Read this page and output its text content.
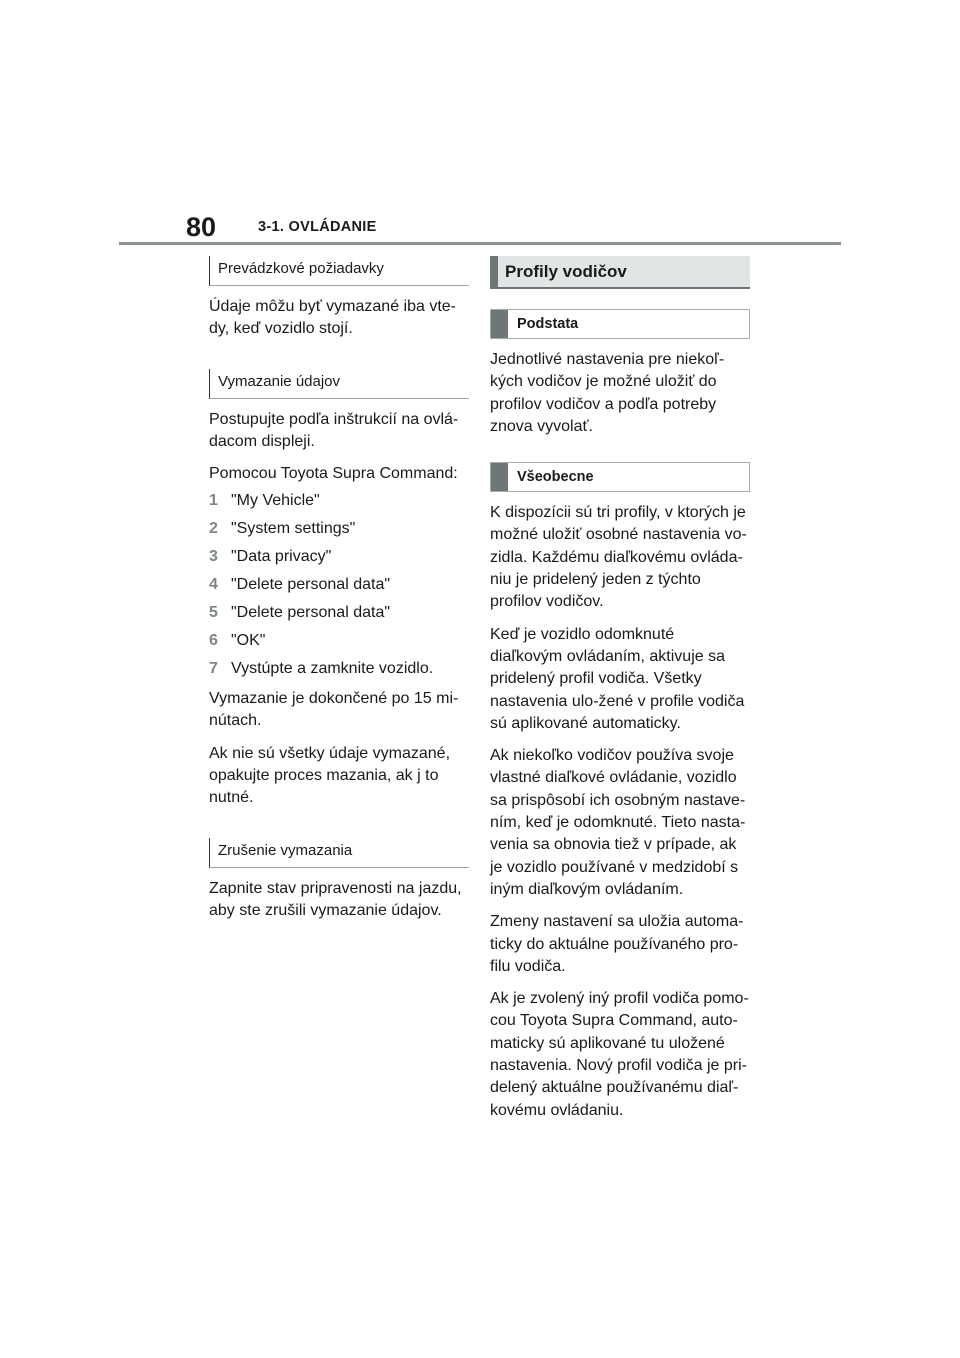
80	3-1. OVLÁDANIE
Prevádzkové požiadavky

Údaje môžu byť vymazané iba vte-dy, keď vozidlo stojí.

Vymazanie údajov

Postupujte podľa inštrukcií na ovlá-dacom displeji.

Pomocou Toyota Supra Command:

1 "My Vehicle"
2 "System settings"
3 "Data privacy"
4 "Delete personal data"
5 "Delete personal data"
6 "OK"
7 Vystúpte a zamknite vozidlo.

Vymazanie je dokončené po 15 mi-nútach.

Ak nie sú všetky údaje vymazané, opakujte proces mazania, ak j to nutné.

Zrušenie vymazania

Zapnite stav pripravenosti na jazdu, aby ste zrušili vymazanie údajov.

Profily vodičov
Podstata

Jednotlivé nastavenia pre niekoľ-kých vodičov je možné uložiť do profilov vodičov a podľa potreby znova vyvolať.

Všeobecne

K dispozícii sú tri profily, v ktorých je možné uložiť osobné nastavenia vo-zidla. Každému diaľkovému ovláda-niu je pridelený jeden z týchto profilov vodičov.

Keď je vozidlo odomknuté diaľkovým ovládaním, aktivuje sa pridelený profil vodiča. Všetky nastavenia ulo-žené v profile vodiča sú aplikované automaticky.

Ak niekoľko vodičov používa svoje vlastné diaľkové ovládanie, vozidlo sa prispôsobí ich osobným nastave-ním, keď je odomknuté. Tieto nasta-venia sa obnovia tiež v prípade, ak je vozidlo používané v medzidobí s iným diaľkovým ovládaním.

Zmeny nastavení sa uložia automa-ticky do aktuálne používaného pro-filu vodiča.

Ak je zvolený iný profil vodiča pomo-cou Toyota Supra Command, auto-maticky sú aplikované tu uložené nastavenia. Nový profil vodiča je pri-delený aktuálne používanému diaľ-kovému ovládaniu.
